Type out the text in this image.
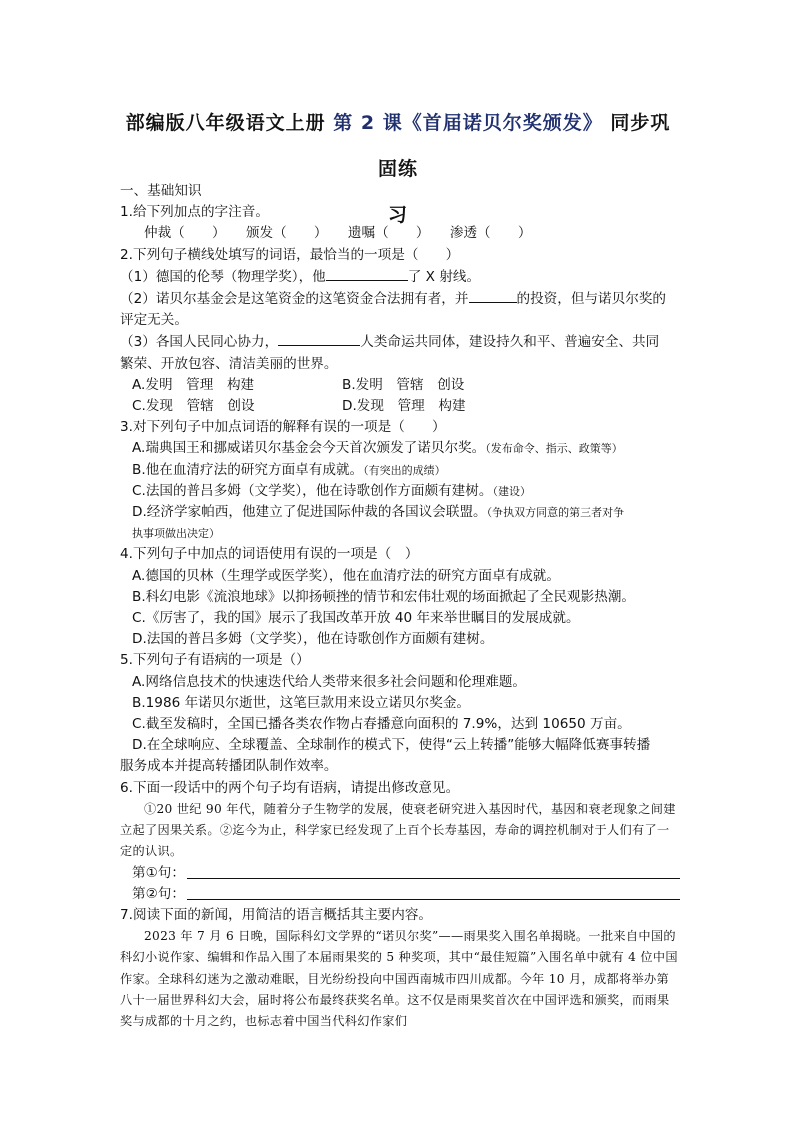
部编版八年级语文上册 第 2 课《首届诺贝尔奖颁发》 同步巩固练
习
一、基础知识
1.给下列加点的字注音。
仲裁（　　）　　颁发（　　）　　遗嘱（　　）　　渗透（　　）
2.下列句子横线处填写的词语，最恰当的一项是（　　）
（1）德国的伦琴（物理学奖），他	了 X 射线。
（2）诺贝尔基金会是这笔资金的这笔资金合法拥有者，并	的投资，但与诺贝尔奖的
评定无关。
（3）各国人民同心协力，	人类命运共同体，建设持久和平、普遍安全、共同
繁荣、开放包容、清洁美丽的世界。
A.发明　管理　构建	B.发明　管辖　创设
C.发现　管辖　创设	D.发现　管理　构建
3.对下列句子中加点词语的解释有误的一项是（　　）
A.瑞典国王和挪威诺贝尔基金会今天首次颁发了诺贝尔奖。（发布命令、指示、政策等）
B.他在血清疗法的研究方面卓有成就。（有突出的成绩）
C.法国的普吕多姆（文学奖），他在诗歌创作方面颇有建树。（建设）
D.经济学家帕西，他建立了促进国际仲裁的各国议会联盟。（争执双方同意的第三者对争
执事项做出决定）
4.下列句子中加点的词语使用有误的一项是（　）
A.德国的贝林（生理学或医学奖），他在血清疗法的研究方面卓有成就。
B.科幻电影《流浪地球》以抑扬顿挫的情节和宏伟壮观的场面掀起了全民观影热潮。
C.《厉害了，我的国》展示了我国改革开放 40 年来举世瞩目的发展成就。
D.法国的普吕多姆（文学奖），他在诗歌创作方面颇有建树。
5.下列句子有语病的一项是（）
A.网络信息技术的快速迭代给人类带来很多社会问题和伦理难题。
B.1986 年诺贝尔逝世，这笔巨款用来设立诺贝尔奖金。
C.截至发稿时，全国已播各类农作物占春播意向面积的 7.9%，达到 10650 万亩。
D.在全球响应、全球覆盖、全球制作的模式下，使得“云上转播”能够大幅降低赛事转播
服务成本并提高转播团队制作效率。
6.下面一段话中的两个句子均有语病，请提出修改意见。
①20 世纪 90 年代，随着分子生物学的发展，使衰老研究进入基因时代，基因和衰老现象之间建立起了因果关系。②迄今为止，科学家已经发现了上百个长寿基因，寿命的调控机制对于人们有了一定的认识。
第①句：
第②句：
7.阅读下面的新闻，用简洁的语言概括其主要内容。
2023 年 7 月 6 日晚，国际科幻文学界的“诺贝尔奖”——雨果奖入围名单揭晓。一批来自中国的科幻小说作家、编辑和作品入围了本届雨果奖的 5 种奖项，其中“最佳短篇”入围名单中就有 4 位中国作家。全球科幻迷为之激动难眠，目光纷纷投向中国西南城市四川成都。今年 10 月，成都将举办第八十一届世界科幻大会，届时将公布最终获奖名单。这不仅是雨果奖首次在中国评选和颁奖，而雨果奖与成都的十月之约，也标志着中国当代科幻作家们
